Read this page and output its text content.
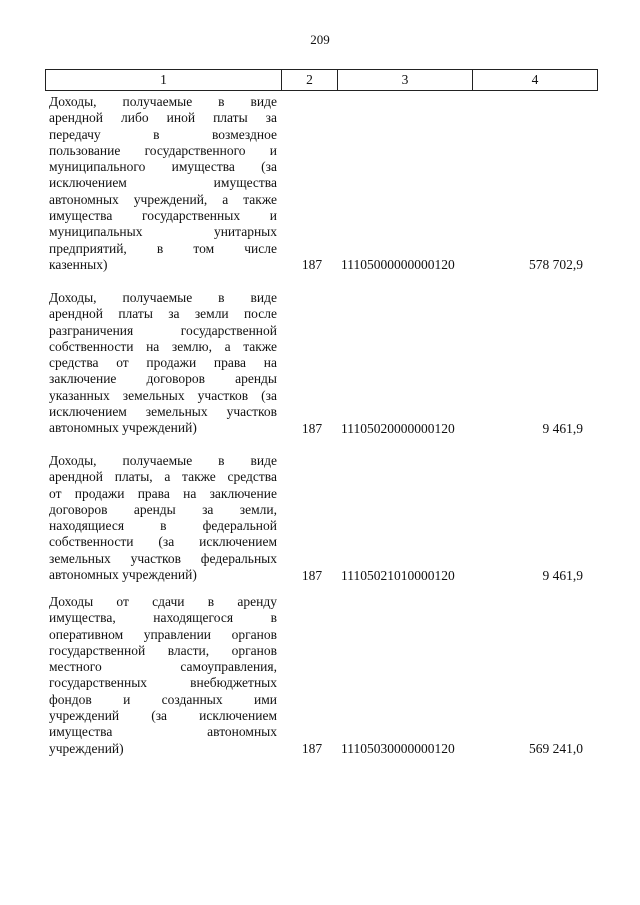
209
1	2	3	4
Доходы, получаемые в виде
арендной либо иной платы за
передачу в возмездное
пользование государственного и
муниципального имущества (за
исключением имущества
автономных учреждений, а также
имущества государственных и
муниципальных унитарных
предприятий, в том числе
казенных)	187	11105000000000120	578 702,9
Доходы, получаемые в виде
арендной платы за земли после
разграничения государственной
собственности на землю, а также
средства от продажи права на
заключение договоров аренды
указанных земельных участков (за
исключением земельных участков
автономных учреждений)	187	11105020000000120	9 461,9
Доходы, получаемые в виде
арендной платы, а также средства
от продажи права на заключение
договоров аренды за земли,
находящиеся в федеральной
собственности (за исключением
земельных участков федеральных
автономных учреждений)	187	11105021010000120	9 461,9
Доходы от сдачи в аренду
имущества, находящегося в
оперативном управлении органов
государственной власти, органов
местного самоуправления,
государственных внебюджетных
фондов и созданных ими
учреждений (за исключением
имущества автономных
учреждений)	187	11105030000000120	569 241,0
